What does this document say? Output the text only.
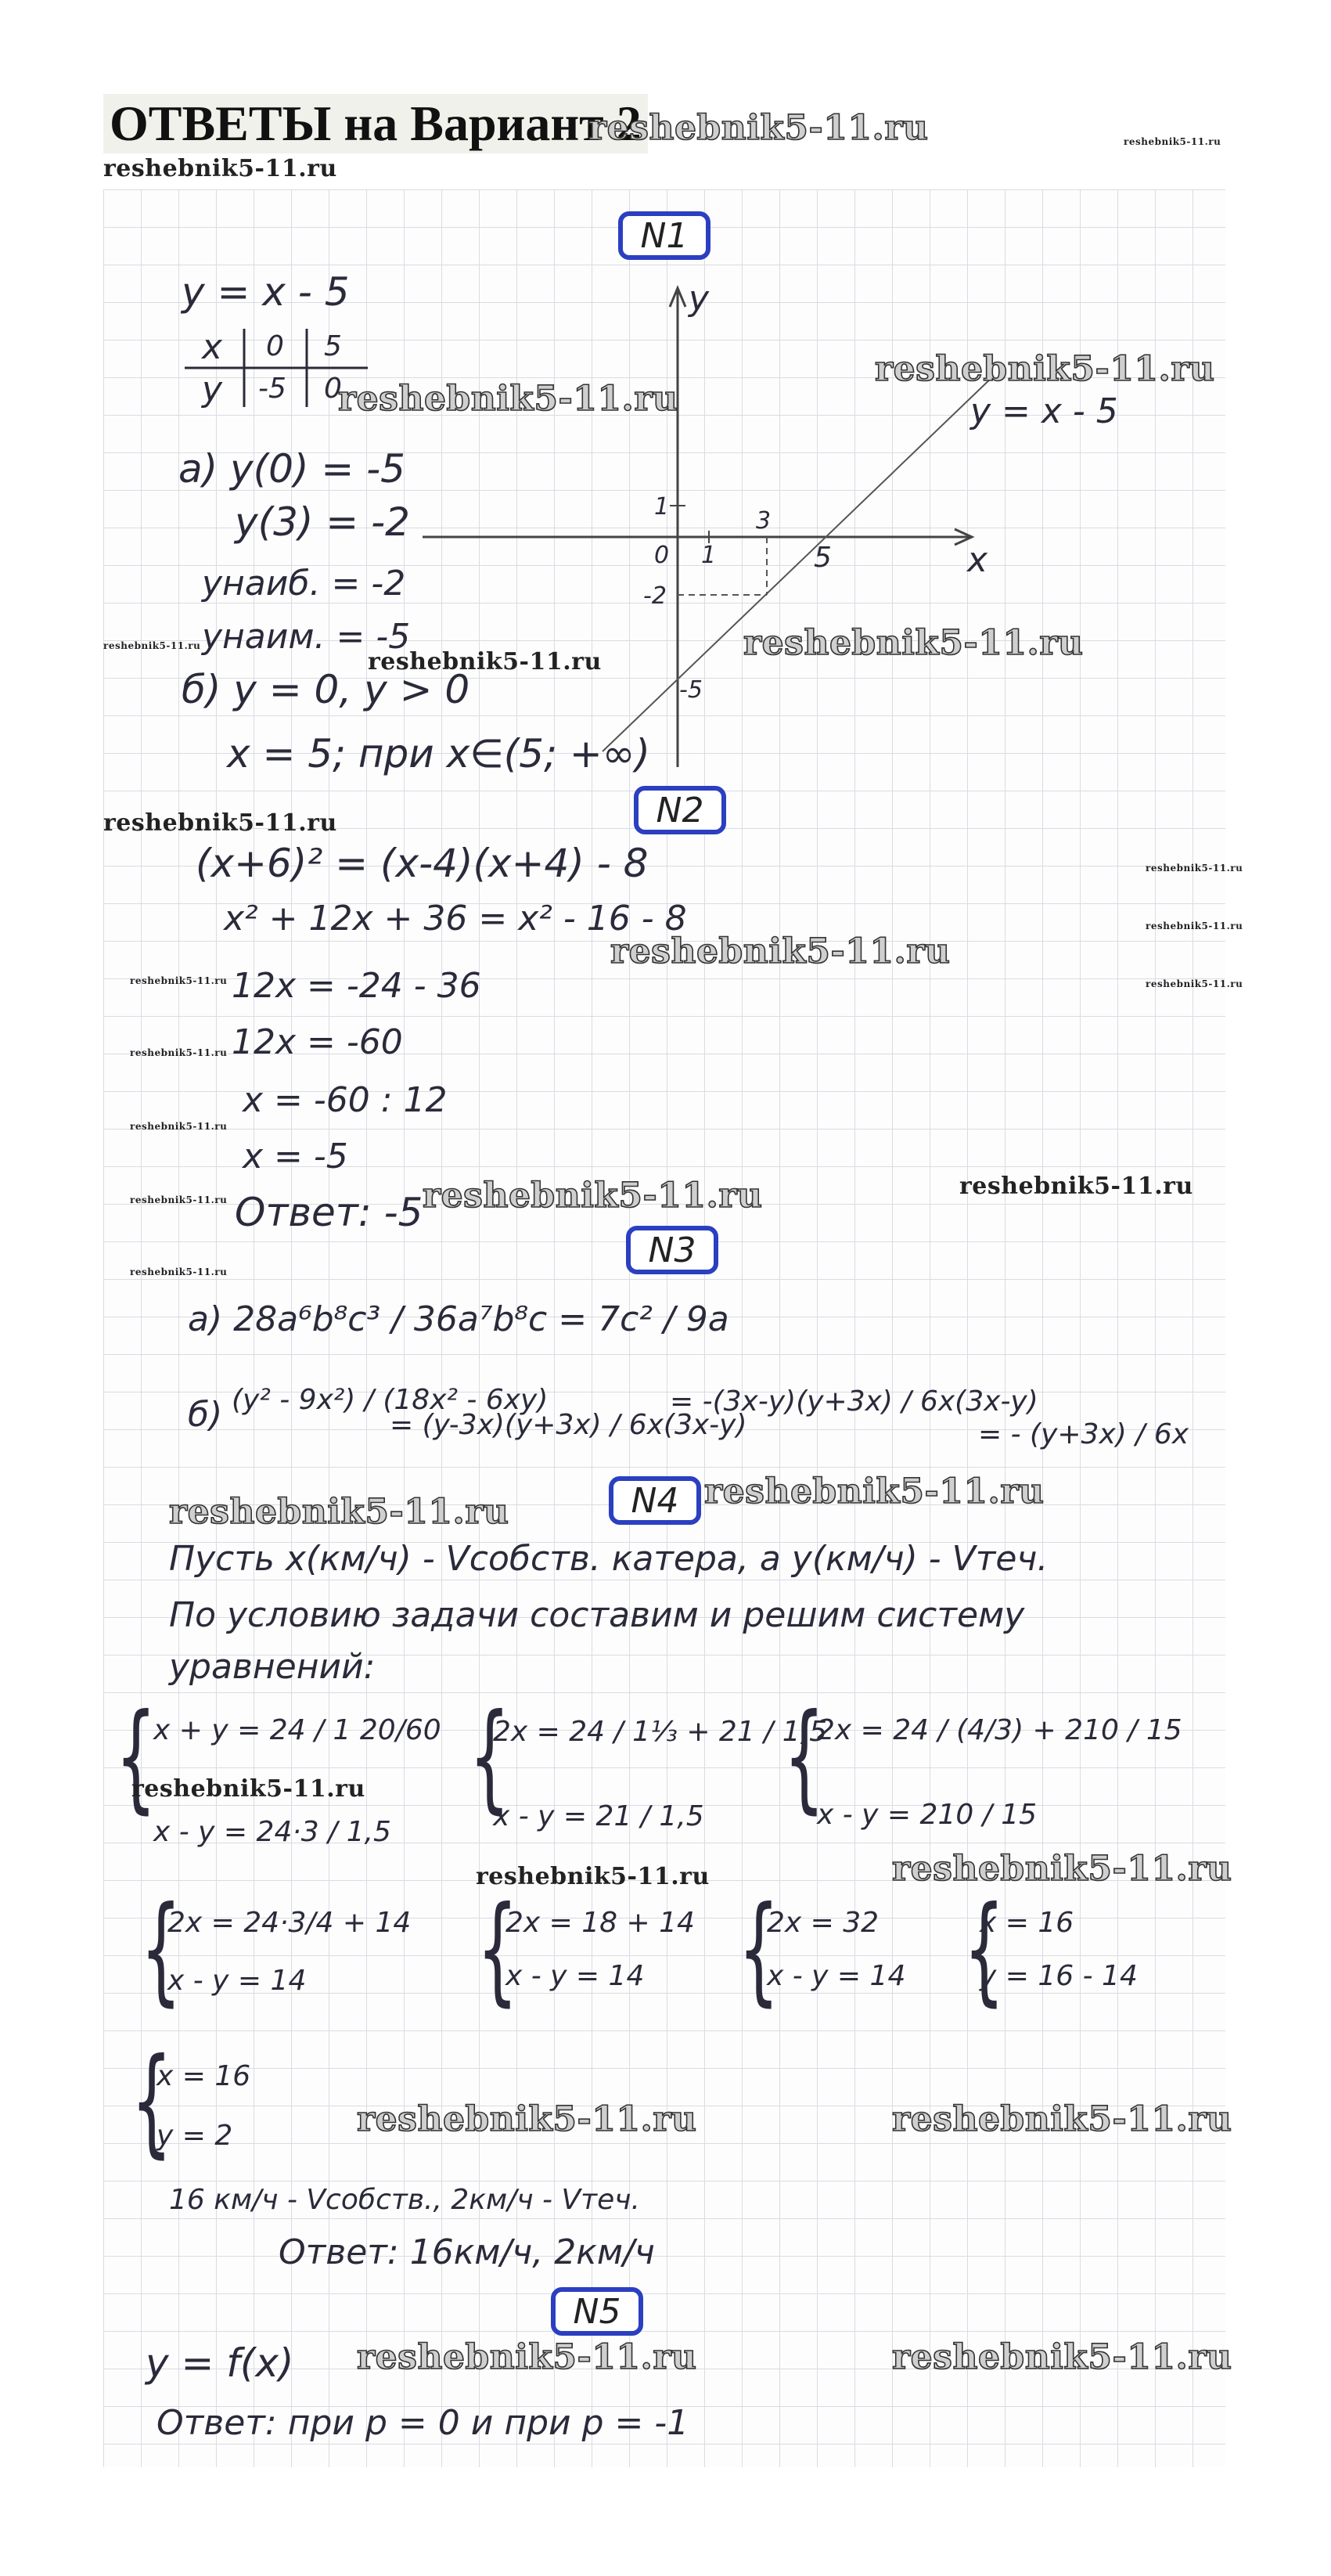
ОТВЕТЫ на Вариант 2
reshebnik5-11.ru
reshebnik5-11.ru
reshebnik5-11.ru
N1
y = x - 5
x 0 5
y -5 0
reshebnik5-11.ru
а) y(0) = -5
y(3) = -2
yнаиб. = -2
yнаим. = -5
reshebnik5-11.ru
reshebnik5-11.ru
б) y = 0, y > 0
x = 5; при x∈(5; +∞)
y
x
0 1
3
5
1
-2
-5
y = x - 5
reshebnik5-11.ru
reshebnik5-11.ru
N2
reshebnik5-11.ru
(x+6)² = (x-4)(x+4) - 8
x² + 12x + 36 = x² - 16 - 8
12x = -24 - 36
12x = -60
x = -60 : 12
x = -5
Ответ: -5
reshebnik5-11.ru
reshebnik5-11.ru	reshebnik5-11.ru
reshebnik5-11.ru
reshebnik5-11.ru
reshebnik5-11.ru
reshebnik5-11.ru
reshebnik5-11.ru
reshebnik5-11.ru
reshebnik5-11.ru
reshebnik5-11.ru
N3
а) 28a⁶b⁸c³ / 36a⁷b⁸c = 7c² / 9a
б) (y² - 9x²) / (18x² - 6xy)
= (y-3x)(y+3x) / 6x(3x-y)
= -(3x-y)(y+3x) / 6x(3x-y)
= - (y+3x) / 6x
N4 reshebnik5-11.ru
reshebnik5-11.ru
Пусть x(км/ч) - Vсобств. катера, а y(км/ч) - Vтеч.
По условию задачи составим и решим систему
уравнений:
{
x + y = 24 / 1 20/60
x - y = 24·3 / 1,5
reshebnik5-11.ru {
2x = 24 / 1⅓ + 21 / 1,5
x - y = 21 / 1,5
reshebnik5-11.ru
{
2x = 24 / (4/3) + 210 / 15
x - y = 210 / 15
reshebnik5-11.ru
{
2x = 24·3/4 + 14
x - y = 14 {
2x = 18 + 14
x - y = 14 {
2x = 32
x - y = 14 {
x = 16
y = 16 - 14
{
x = 16
y = 2	reshebnik5-11.ru	reshebnik5-11.ru
16 км/ч - Vсобств., 2км/ч - Vтеч.
Ответ: 16км/ч, 2км/ч
N5
y = f(x) reshebnik5-11.ru	reshebnik5-11.ru
Ответ: при p = 0 и при p = -1
